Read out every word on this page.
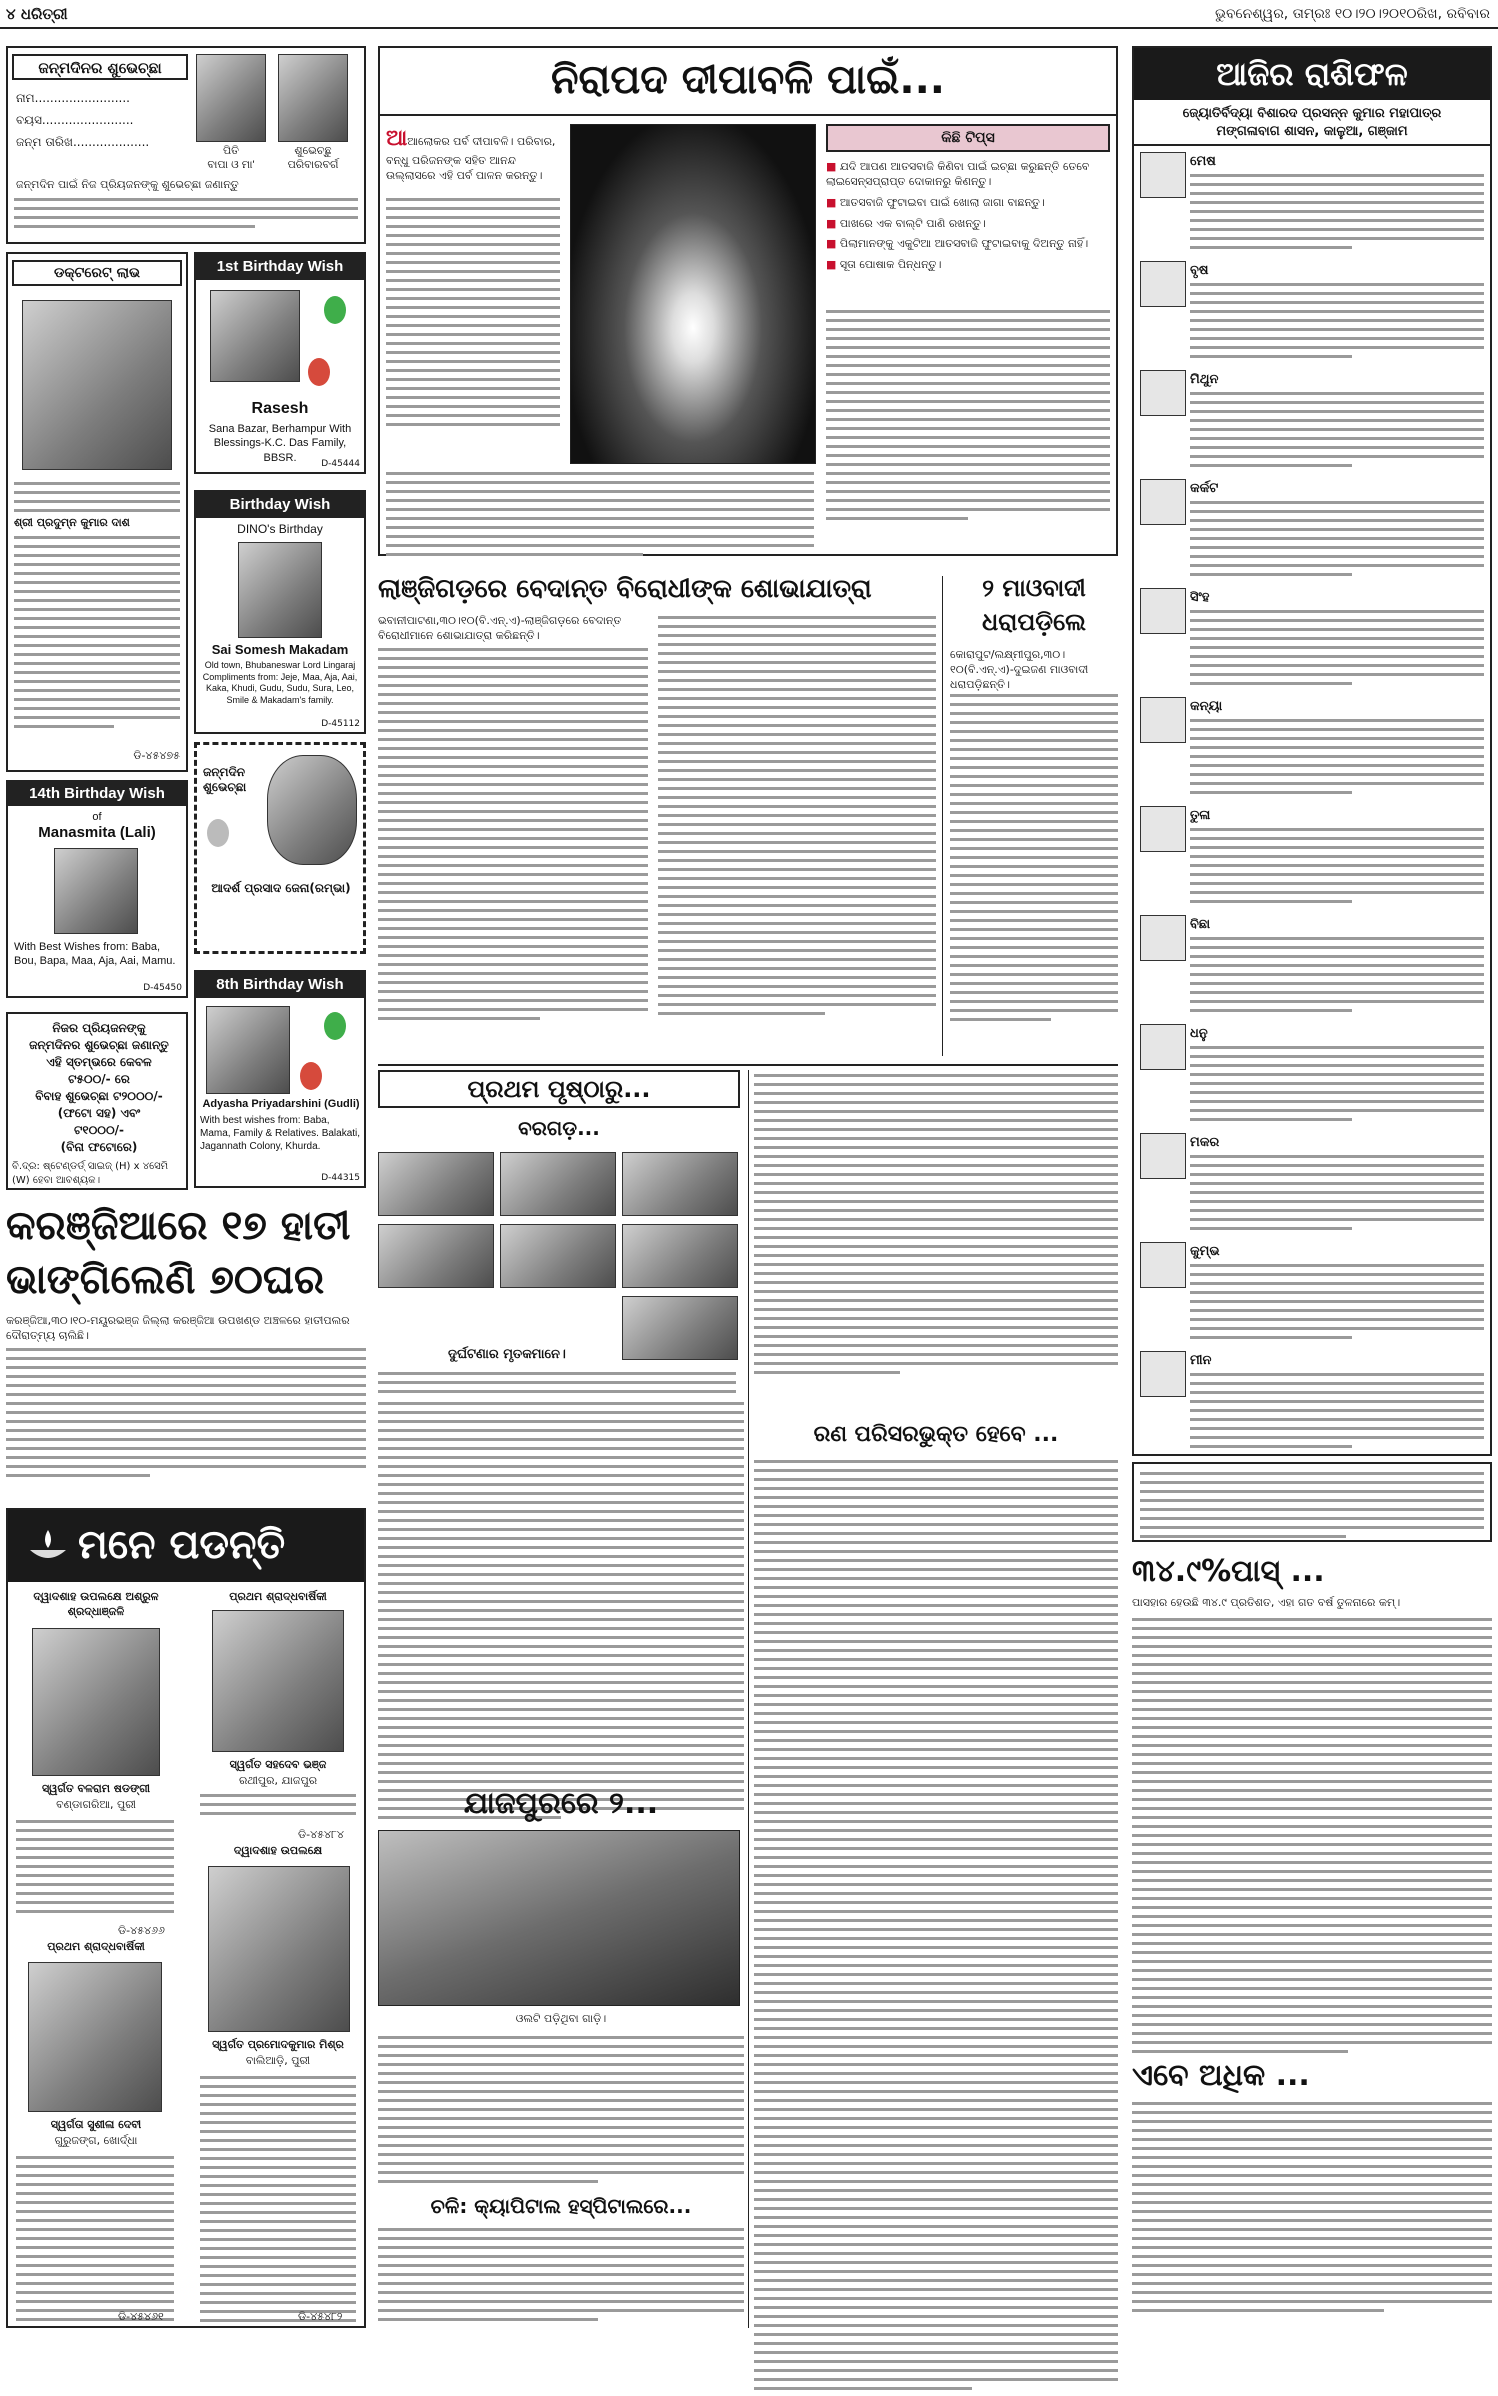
୪ ଧରିତ୍ରୀ	ଭୁବନେଶ୍ୱର, ତାମ୍ରଃ ୧୦।୨୦।୨୦୧୦ରିଖ, ରବିବାର
ଜନ୍ମଦିନର ଶୁଭେଚ୍ଛା
ପିତି	ଶୁଭେଚ୍ଛୁ
ବାପା ଓ ମା'	ପରିବାରବର୍ଗ
ନାମ.........................
ବୟସ........................
ଜନ୍ମ ତାରିଖ....................
ଜନ୍ମଦିନ ପାଇଁ ନିଜ ପ୍ରିୟଜନଙ୍କୁ ଶୁଭେଚ୍ଛା ଜଣାନ୍ତୁ
ଡକ୍ଟରେଟ୍ ଲାଭ
ଶ୍ରୀ ପ୍ରଦୁମ୍ନ କୁମାର ଦାଶ
ଡି-୪୫୪୭୫
1st Birthday Wish
Rasesh
Sana Bazar, Berhampur With Blessings-K.C. Das Family, BBSR.
D-45444
Birthday Wish
DINO's Birthday
Sai Somesh Makadam
Old town, Bhubaneswar Lord Lingaraj Compliments from: Jeje, Maa, Aja, Aai, Kaka, Khudi, Gudu, Sudu, Sura, Leo, Smile & Makadam's family.
D-45112
ଜନ୍ମଦିନ ଶୁଭେଚ୍ଛା
ଆଦର୍ଶ ପ୍ରସାଦ ଜେନା(ରମ୍ଭା)
14th Birthday Wish
of
Manasmita (Lali)
With Best Wishes from: Baba, Bou, Bapa, Maa, Aja, Aai, Mamu.
D-45450	8th Birthday Wish
Adyasha Priyadarshini (Gudli)
With best wishes from: Baba, Mama, Family & Relatives. Balakati, Jagannath Colony, Khurda.
D-44315
ନିଜର ପ୍ରିୟଜନଙ୍କୁ
ଜନ୍ମଦିନର ଶୁଭେଚ୍ଛା ଜଣାନ୍ତୁ
ଏହି ସ୍ତମ୍ଭରେ କେବଳ
ଟ୫୦୦/- ରେ
ବିବାହ ଶୁଭେଚ୍ଛା ଟ୨୦୦୦/-
(ଫଟୋ ସହ) ଏବଂ
ଟ୧୦୦୦/-
(ବିନା ଫଟୋରେ)
ବି.ଦ୍ର: ଷ୍ଟେଣ୍ଡର୍ଡ୍ ସାଇଜ୍ (H) x ୪ସେମି (W) ହେବା ଆବଶ୍ୟକ।
କରଞ୍ଜିଆରେ ୧୭ ହାତୀ
ଭାଙ୍ଗିଲେଣି ୭୦ଘର
କରଞ୍ଜିଆ,୩୦।୧୦-ମୟୂରଭଞ୍ଜ ଜିଲ୍ଲା କରଞ୍ଜିଆ ଉପଖଣ୍ଡ ଅଞ୍ଚଳରେ ହାତୀପଲର ଦୌରାତ୍ମ୍ୟ ଚାଲିଛି।
ମନେ ପଡନ୍ତି
ଦ୍ୱାଦଶାହ ଉପଲକ୍ଷେ ଅଶ୍ରୁଳ ଶ୍ରଦ୍ଧାଞ୍ଜଳି
ସ୍ୱର୍ଗତ ବଳରାମ ଷଡଙ୍ଗୀ
ବଣ୍ଡାଗରିଆ, ପୁରୀ
ଡି-୪୫୪୬୬
ପ୍ରଥମ ଶ୍ରାଦ୍ଧବାର୍ଷିକୀ
ସ୍ୱର୍ଗତ ସହଦେବ ଭଞ୍ଜ
ରଥୀପୁର, ଯାଜପୁର
ଡି-୪୫୪୮୪
ପ୍ରଥମ ଶ୍ରାଦ୍ଧବାର୍ଷିକୀ
ସ୍ୱର୍ଗତା ସୁଶୀଳା ଦେବୀ
ଗୁରୁଜଙ୍ଗ, ଖୋର୍ଦ୍ଧା
ଡି-୪୫୪୬୧
ଦ୍ୱାଦଶାହ ଉପଲକ୍ଷେ
ସ୍ୱର୍ଗତ ପ୍ରମୋଦକୁମାର ମିଶ୍ର
ବାଲିଆଡ଼ି, ପୁରୀ
ଡି-୪୫୪୮୨
ନିରାପଦ ଦୀପାବଳି ପାଇଁ...
ଆଆଲୋକର ପର୍ବ ଦୀପାବଳି। ପରିବାର, ବନ୍ଧୁ ପରିଜନଙ୍କ ସହିତ ଆନନ୍ଦ ଉଲ୍ଲାସରେ ଏହି ପର୍ବ ପାଳନ କରନ୍ତୁ।
କିଛି ଟିପ୍ସ
■ ଯଦି ଆପଣ ଆତସବାଜି କିଣିବା ପାଇଁ ଇଚ୍ଛା କରୁଛନ୍ତି ତେବେ ଲାଇସେନ୍ସପ୍ରାପ୍ତ ଦୋକାନରୁ କିଣନ୍ତୁ।
■ ଆତସବାଜି ଫୁଟାଇବା ପାଇଁ ଖୋଲା ଜାଗା ବାଛନ୍ତୁ।
■ ପାଖରେ ଏକ ବାଲ୍ଟି ପାଣି ରଖନ୍ତୁ।
■ ପିଲାମାନଙ୍କୁ ଏକୁଟିଆ ଆତସବାଜି ଫୁଟାଇବାକୁ ଦିଅନ୍ତୁ ନାହିଁ।
■ ସୂତା ପୋଷାକ ପିନ୍ଧନ୍ତୁ।
ଲାଞ୍ଜିଗଡ଼ରେ ବେଦାନ୍ତ ବିରୋଧୀଙ୍କ ଶୋଭାଯାତ୍ରା
ଭବାନୀପାଟଣା,୩୦।୧୦(ବି.ଏନ୍.ଏ)-ଲାଞ୍ଜିଗଡ଼ରେ ବେଦାନ୍ତ ବିରୋଧୀମାନେ ଶୋଭାଯାତ୍ରା କରିଛନ୍ତି।
୨ ମାଓବାଦୀ
ଧରାପଡ଼ିଲେ
କୋରାପୁଟ/ଲକ୍ଷ୍ମୀପୁର,୩୦।୧୦(ବି.ଏନ୍.ଏ)-ଦୁଇଜଣ ମାଓବାଦୀ ଧରାପଡ଼ିଛନ୍ତି।
ପ୍ରଥମ ପୃଷ୍ଠାରୁ...
ବରଗଡ଼...
ଦୁର୍ଘଟଣାର ମୃତକମାନେ।
ଯାଜପୁରରେ ୨...
ଓଲଟି ପଡ଼ିଥିବା ଗାଡ଼ି।
ଚଳି: କ୍ୟାପିଟାଲ ହସ୍ପିଟାଲରେ...
ରଣ ପରିସରଭୁକ୍ତ ହେବେ ...
ଆଜିର ରାଶିଫଳ
ଜ୍ୟୋତିର୍ବିଦ୍ୟା ବିଶାରଦ ପ୍ରସନ୍ନ କୁମାର ମହାପାତ୍ର
ମଙ୍ଗଳାବାଗ ଶାସନ, କାଳୁଆ, ଗଞ୍ଜାମ
ମେଷ
ବୃଷ
ମିଥୁନ
କର୍କଟ
ସିଂହ
କନ୍ୟା
ତୁଳା
ବିଛା
ଧନୁ
ମକର
କୁମ୍ଭ
ମୀନ
୩୪.୯%ପାସ୍ ...
ପାସହାର ହେଉଛି ୩୪.୯ ପ୍ରତିଶତ, ଏହା ଗତ ବର୍ଷ ତୁଳନାରେ କମ୍।
ଏବେ ଅଧିକ ...
